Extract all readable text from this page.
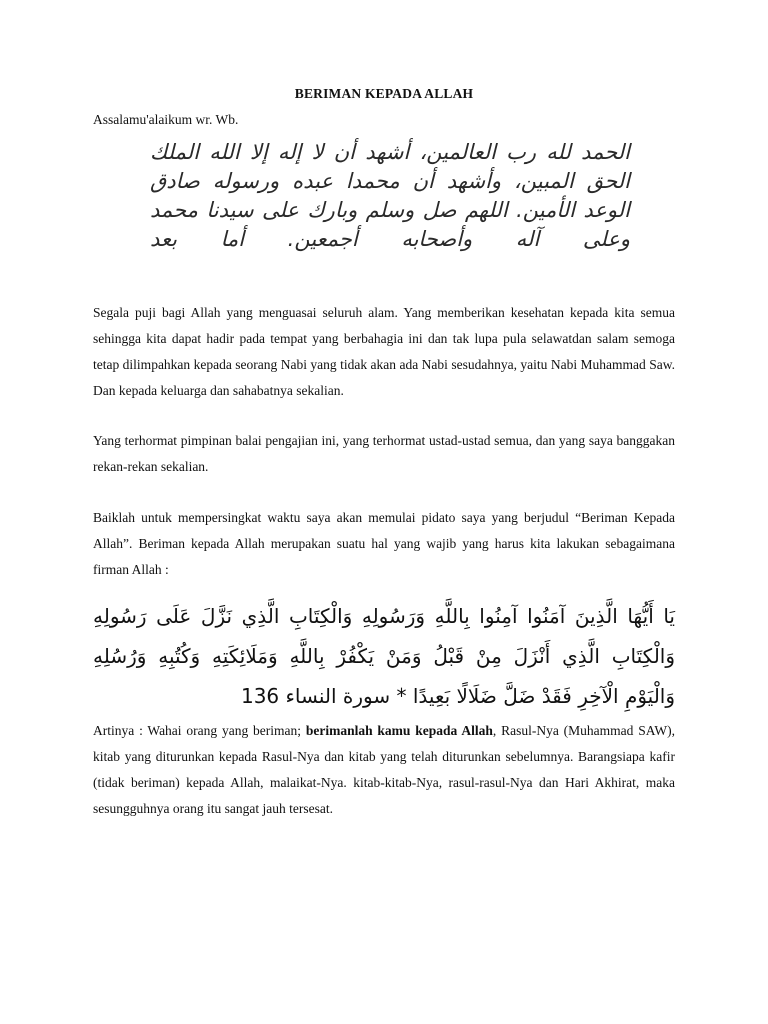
BERIMAN KEPADA ALLAH
Assalamu'alaikum wr. Wb.
الحمد لله رب العالمين، أشهد أن لا إله إلا الله الملك الحق المبين، وأشهد أن محمدا عبده ورسوله صادق الوعد الأمين. اللهم صل وسلم وبارك على سيدنا محمد وعلى آله وأصحابه أجمعين. أما بعد
Segala puji bagi Allah yang menguasai seluruh alam. Yang memberikan kesehatan kepada kita semua sehingga kita dapat hadir pada tempat yang berbahagia ini dan tak lupa pula selawatdan salam semoga tetap dilimpahkan kepada seorang Nabi yang tidak akan ada Nabi sesudahnya, yaitu Nabi Muhammad Saw. Dan kepada keluarga dan sahabatnya sekalian.
Yang terhormat pimpinan balai pengajian ini, yang terhormat ustad-ustad semua, dan yang saya banggakan rekan-rekan sekalian.
Baiklah untuk mempersingkat waktu saya akan memulai pidato saya yang berjudul “Beriman Kepada Allah”. Beriman kepada Allah merupakan suatu hal yang wajib yang harus kita lakukan sebagaimana firman Allah :
يَا أَيُّهَا الَّذِينَ آمَنُوا آمِنُوا بِاللَّهِ وَرَسُولِهِ وَالْكِتَابِ الَّذِي نَزَّلَ عَلَى رَسُولِهِ وَالْكِتَابِ الَّذِي أَنْزَلَ مِنْ قَبْلُ وَمَنْ يَكْفُرْ بِاللَّهِ وَمَلَائِكَتِهِ وَكُتُبِهِ وَرُسُلِهِ وَالْيَوْمِ الْآخِرِ فَقَدْ ضَلَّ ضَلَالًا بَعِيدًا * سورة النساء 136
Artinya : Wahai orang yang beriman; berimanlah kamu kepada Allah, Rasul-Nya (Muhammad SAW), kitab yang diturunkan kepada Rasul-Nya dan kitab yang telah diturunkan sebelumnya. Barangsiapa kafir (tidak beriman) kepada Allah, malaikat-Nya. kitab-kitab-Nya, rasul-rasul-Nya dan Hari Akhirat, maka sesungguhnya orang itu sangat jauh tersesat.
